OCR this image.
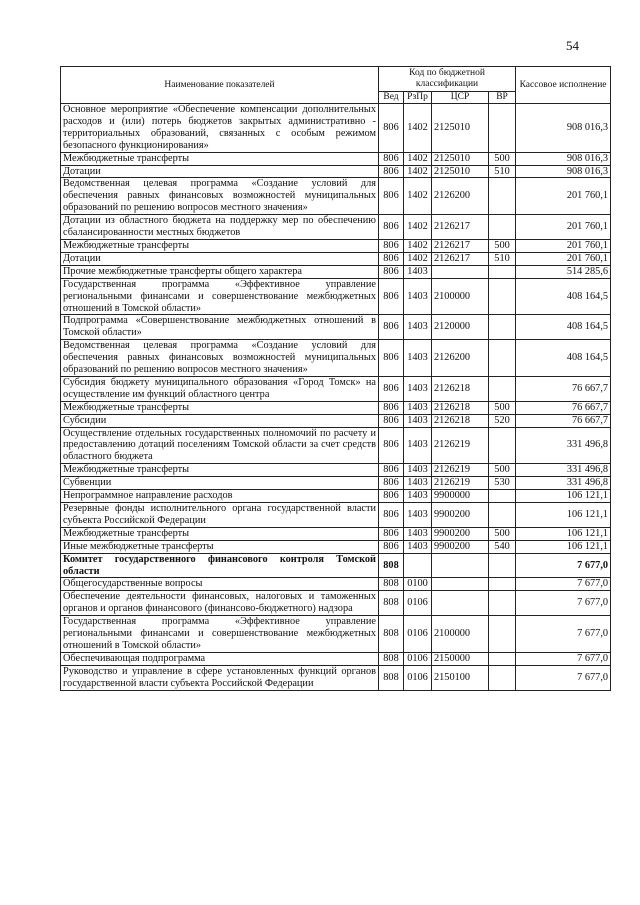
54
Наименование показателей	Код по бюджетной классификации				Кассовое исполнение
	Вед	РзПр	ЦСР	ВР	
Основное мероприятие «Обеспечение компенсации дополнительных расходов и (или) потерь бюджетов закрытых административно - территориальных образований, связанных с особым режимом безопасного функционирования»	806	1402	2125010		908 016,3
Межбюджетные трансферты	806	1402	2125010	500	908 016,3
Дотации	806	1402	2125010	510	908 016,3
Ведомственная целевая программа «Создание условий для обеспечения равных финансовых возможностей муниципальных образований по решению вопросов местного значения»	806	1402	2126200		201 760,1
Дотации из областного бюджета на поддержку мер по обеспечению сбалансированности местных бюджетов	806	1402	2126217		201 760,1
Межбюджетные трансферты	806	1402	2126217	500	201 760,1
Дотации	806	1402	2126217	510	201 760,1
Прочие межбюджетные трансферты общего характера	806	1403			514 285,6
Государственная программа «Эффективное управление региональными финансами и совершенствование межбюджетных отношений в Томской области»	806	1403	2100000		408 164,5
Подпрограмма «Совершенствование межбюджетных отношений в Томской области»	806	1403	2120000		408 164,5
Ведомственная целевая программа «Создание условий для обеспечения равных финансовых возможностей муниципальных образований по решению вопросов местного значения»	806	1403	2126200		408 164,5
Субсидия бюджету муниципального образования «Город Томск» на осуществление им функций областного центра	806	1403	2126218		76 667,7
Межбюджетные трансферты	806	1403	2126218	500	76 667,7
Субсидии	806	1403	2126218	520	76 667,7
Осуществление отдельных государственных полномочий по расчету и предоставлению дотаций поселениям Томской области за счет средств областного бюджета	806	1403	2126219		331 496,8
Межбюджетные трансферты	806	1403	2126219	500	331 496,8
Субвенции	806	1403	2126219	530	331 496,8
Непрограммное направление расходов	806	1403	9900000		106 121,1
Резервные фонды исполнительного органа государственной власти субъекта Российской Федерации	806	1403	9900200		106 121,1
Межбюджетные трансферты	806	1403	9900200	500	106 121,1
Иные межбюджетные трансферты	806	1403	9900200	540	106 121,1
Комитет государственного финансового контроля Томской области	808				7 677,0
Общегосударственные вопросы	808	0100			7 677,0
Обеспечение деятельности финансовых, налоговых и таможенных органов и органов финансового (финансово-бюджетного) надзора	808	0106			7 677,0
Государственная программа «Эффективное управление региональными финансами и совершенствование межбюджетных отношений в Томской области»	808	0106	2100000		7 677,0
Обеспечивающая подпрограмма	808	0106	2150000		7 677,0
Руководство и управление в сфере установленных функций органов государственной власти субъекта Российской Федерации	808	0106	2150100		7 677,0
